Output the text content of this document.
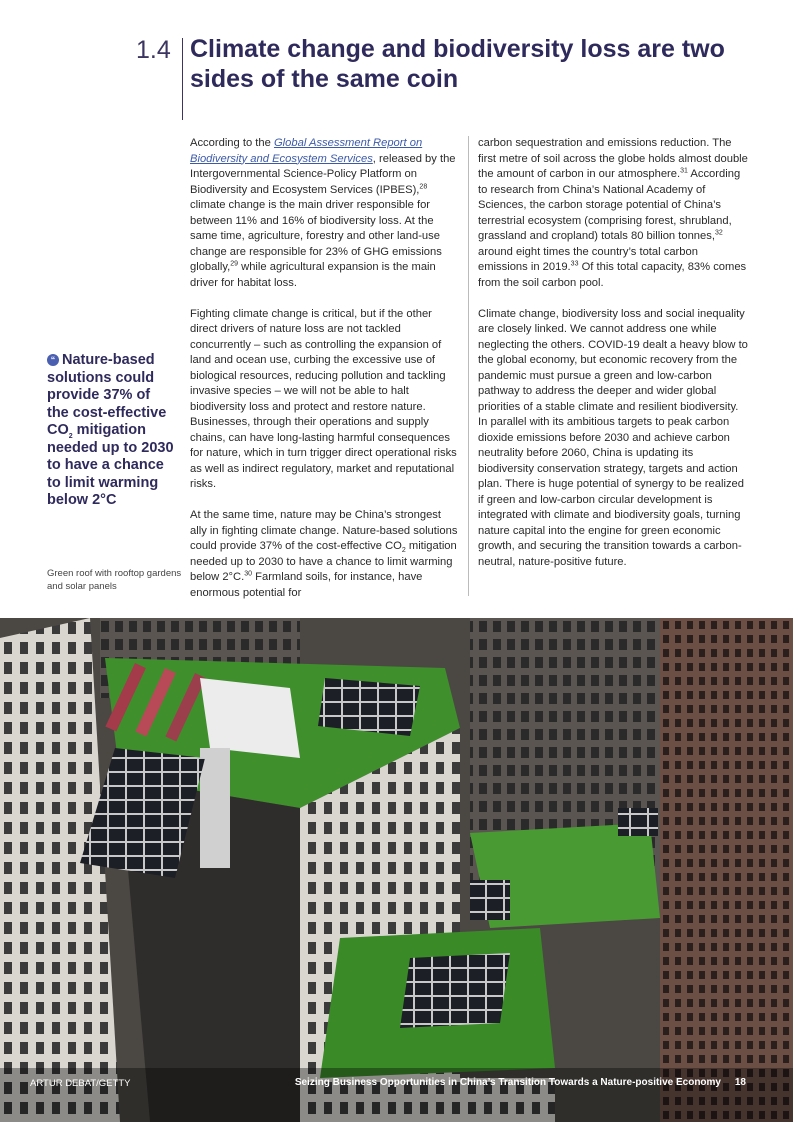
1.4 Climate change and biodiversity loss are two sides of the same coin
“ Nature-based solutions could provide 37% of the cost-effective $CO_2$ mitigation needed up to 2030 to have a chance to limit warming below 2°C
Green roof with rooftop gardens and solar panels

According to the Global Assessment Report on Biodiversity and Ecosystem Services, released by the Intergovernmental Science-Policy Platform on Biodiversity and Ecosystem Services (IPBES),$^{28}$ climate change is the main driver responsible for between 11% and 16% of biodiversity loss. At the same time, agriculture, forestry and other land-use change are responsible for 23% of GHG emissions globally,$^{29}$ while agricultural expansion is the main driver for habitat loss.

Fighting climate change is critical, but if the other direct drivers of nature loss are not tackled concurrently – such as controlling the expansion of land and ocean use, curbing the excessive use of biological resources, reducing pollution and tackling invasive species – we will not be able to halt biodiversity loss and protect and restore nature. Businesses, through their operations and supply chains, can have long-lasting harmful consequences for nature, which in turn trigger direct operational risks as well as indirect regulatory, market and reputational risks.

At the same time, nature may be China’s strongest ally in fighting climate change. Nature-based solutions could provide 37% of the cost-effective $CO_2$ mitigation needed up to 2030 to have a chance to limit warming below 2°C.$^{30}$ Farmland soils, for instance, have enormous potential for

carbon sequestration and emissions reduction. The first metre of soil across the globe holds almost double the amount of carbon in our atmosphere.$^{31}$ According to research from China’s National Academy of Sciences, the carbon storage potential of China’s terrestrial ecosystem (comprising forest, shrubland, grassland and cropland) totals 80 billion tonnes,$^{32}$ around eight times the country’s total carbon emissions in 2019.33 Of this total capacity, 83% comes from the soil carbon pool.

Climate change, biodiversity loss and social inequality are closely linked. We cannot address one while neglecting the others. COVID-19 dealt a heavy blow to the global economy, but economic recovery from the pandemic must pursue a green and low-carbon pathway to address the deeper and wider global priorities of a stable climate and resilient biodiversity. In parallel with its ambitious targets to peak carbon dioxide emissions before 2030 and achieve carbon neutrality before 2060, China is updating its biodiversity conservation strategy, targets and action plan. There is huge potential of synergy to be realized if green and low-carbon circular development is integrated with climate and biodiversity goals, turning nature capital into the engine for green economic growth, and securing the transition towards a carbon-neutral, nature-positive future.

ARTUR DEBAT/GETTY	Seizing Business Opportunities in China’s Transition Towards a Nature-positive Economy 18
